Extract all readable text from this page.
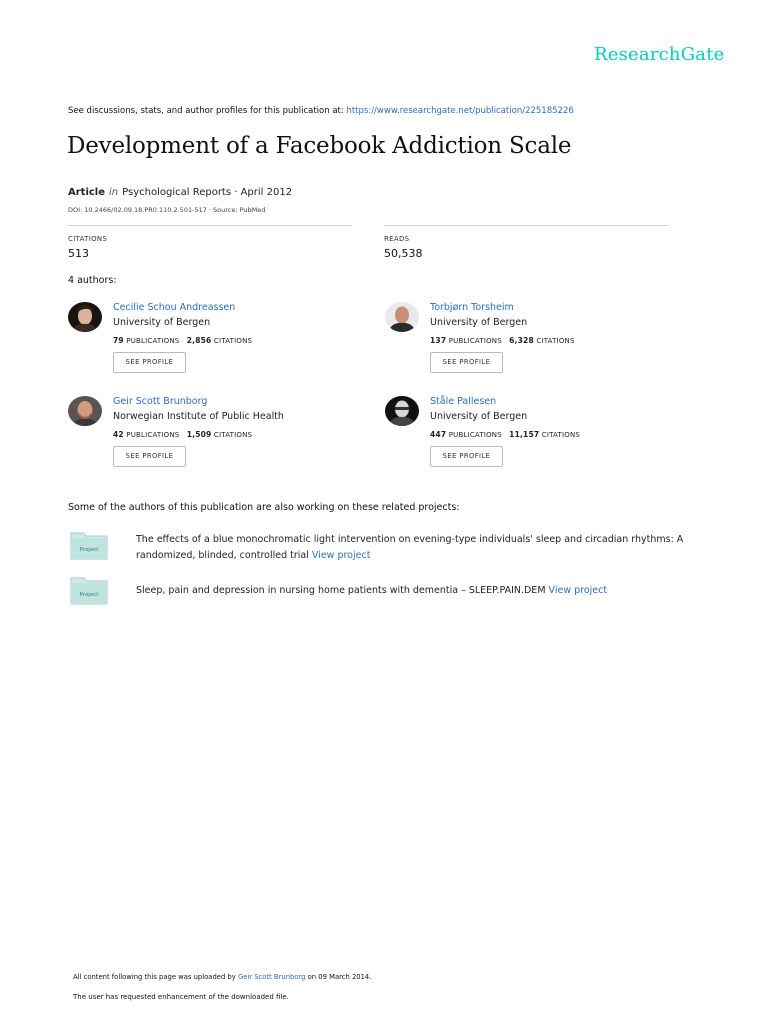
ResearchGate
See discussions, stats, and author profiles for this publication at: https://www.researchgate.net/publication/225185226
Development of a Facebook Addiction Scale
Article in Psychological Reports · April 2012
DOI: 10.2466/02.09.18.PR0.110.2.501-517 · Source: PubMed
CITATIONS
513
READS
50,538
4 authors:
Cecilie Schou Andreassen
University of Bergen
79 PUBLICATIONS 2,856 CITATIONS
SEE PROFILE
Torbjørn Torsheim
University of Bergen
137 PUBLICATIONS 6,328 CITATIONS
SEE PROFILE
Geir Scott Brunborg
Norwegian Institute of Public Health
42 PUBLICATIONS 1,509 CITATIONS
SEE PROFILE
Ståle Pallesen
University of Bergen
447 PUBLICATIONS 11,157 CITATIONS
SEE PROFILE
Some of the authors of this publication are also working on these related projects:
Project
The effects of a blue monochromatic light intervention on evening-type individuals' sleep and circadian rhythms: A randomized, blinded, controlled trial View project
Project	Sleep, pain and depression in nursing home patients with dementia – SLEEP.PAIN.DEM View project
All content following this page was uploaded by Geir Scott Brunborg on 09 March 2014.
The user has requested enhancement of the downloaded file.
